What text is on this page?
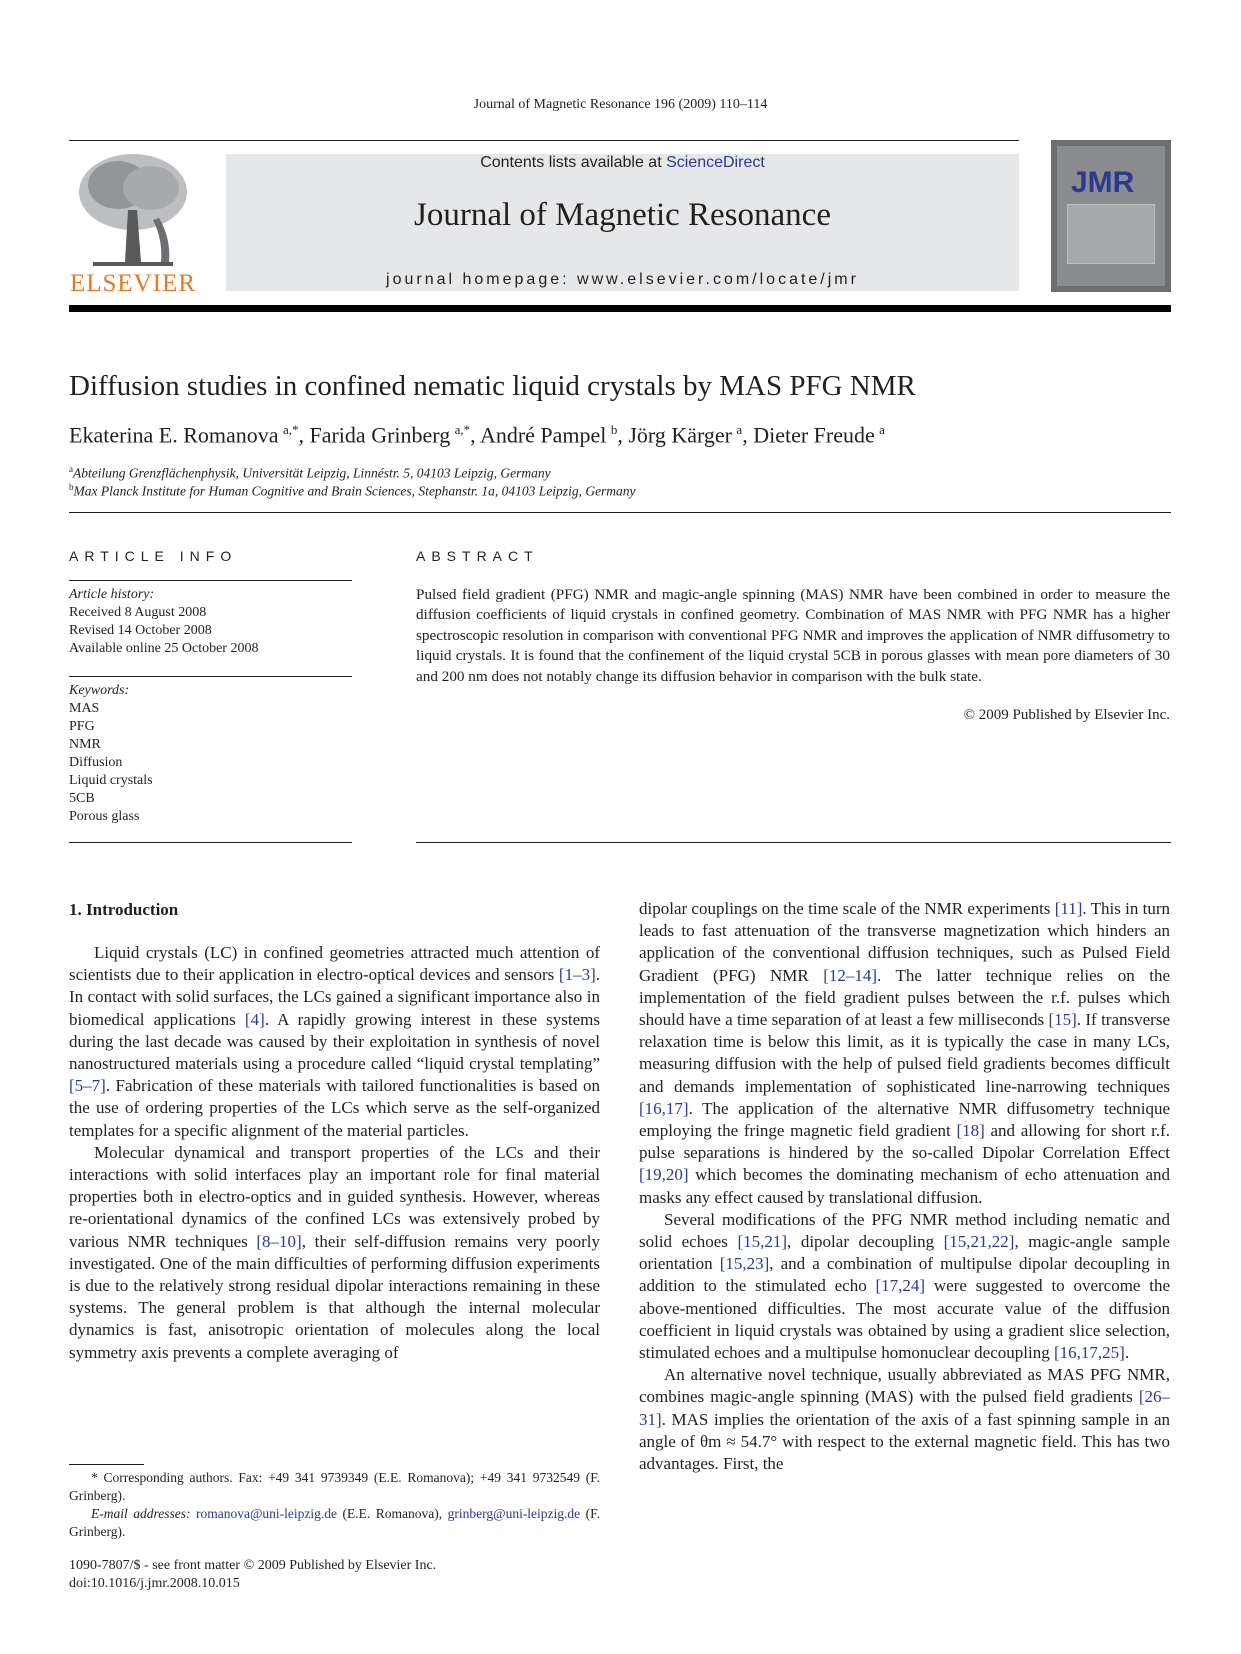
Journal of Magnetic Resonance 196 (2009) 110–114
ELSEVIER
Contents lists available at ScienceDirect
Journal of Magnetic Resonance
journal homepage: www.elsevier.com/locate/jmr
JMR
Diffusion studies in confined nematic liquid crystals by MAS PFG NMR
Ekaterina E. Romanova  $^{a,*}$, Farida Grinberg  $^{a,*}$, André Pampel  $^b$, Jörg Kärger  $^a$, Dieter Freude  $^a$
$^a$Abteilung Grenzflächenphysik, Universität Leipzig, Linnéstr. 5, 04103 Leipzig, Germany
$^b$Max Planck Institute for Human Cognitive and Brain Sciences, Stephanstr. 1a, 04103 Leipzig, Germany
ARTICLE INFO
Article history:
Received 8 August 2008
Revised 14 October 2008
Available online 25 October 2008
Keywords:
MAS
PFG
NMR
Diffusion
Liquid crystals
5CB
Porous glass
ABSTRACT
Pulsed field gradient (PFG) NMR and magic-angle spinning (MAS) NMR have been combined in order to measure the diffusion coefficients of liquid crystals in confined geometry. Combination of MAS NMR with PFG NMR has a higher spectroscopic resolution in comparison with conventional PFG NMR and improves the application of NMR diffusometry to liquid crystals. It is found that the confinement of the liquid crystal 5CB in porous glasses with mean pore diameters of 30 and 200 nm does not notably change its diffusion behavior in comparison with the bulk state.
© 2009 Published by Elsevier Inc.
1. Introduction

Liquid crystals (LC) in confined geometries attracted much attention of scientists due to their application in electro-optical devices and sensors [1–3]. In contact with solid surfaces, the LCs gained a significant importance also in biomedical applications [4]. A rapidly growing interest in these systems during the last decade was caused by their exploitation in synthesis of novel nanostructured materials using a procedure called “liquid crystal templating” [5–7]. Fabrication of these materials with tailored functionalities is based on the use of ordering properties of the LCs which serve as the self-organized templates for a specific alignment of the material particles.

Molecular dynamical and transport properties of the LCs and their interactions with solid interfaces play an important role for final material properties both in electro-optics and in guided synthesis. However, whereas re-orientational dynamics of the confined LCs was extensively probed by various NMR techniques [8–10], their self-diffusion remains very poorly investigated. One of the main difficulties of performing diffusion experiments is due to the relatively strong residual dipolar interactions remaining in these systems. The general problem is that although the internal molecular dynamics is fast, anisotropic orientation of molecules along the local symmetry axis prevents a complete averaging of

dipolar couplings on the time scale of the NMR experiments [11]. This in turn leads to fast attenuation of the transverse magnetization which hinders an application of the conventional diffusion techniques, such as Pulsed Field Gradient (PFG) NMR [12–14]. The latter technique relies on the implementation of the field gradient pulses between the r.f. pulses which should have a time separation of at least a few milliseconds [15]. If transverse relaxation time is below this limit, as it is typically the case in many LCs, measuring diffusion with the help of pulsed field gradients becomes difficult and demands implementation of sophisticated line-narrowing techniques [16,17]. The application of the alternative NMR diffusometry technique employing the fringe magnetic field gradient [18] and allowing for short r.f. pulse separations is hindered by the so-called Dipolar Correlation Effect [19,20] which becomes the dominating mechanism of echo attenuation and masks any effect caused by translational diffusion.

Several modifications of the PFG NMR method including nematic and solid echoes [15,21], dipolar decoupling [15,21,22], magic-angle sample orientation [15,23], and a combination of multipulse dipolar decoupling in addition to the stimulated echo [17,24] were suggested to overcome the above-mentioned difficulties. The most accurate value of the diffusion coefficient in liquid crystals was obtained by using a gradient slice selection, stimulated echoes and a multipulse homonuclear decoupling [16,17,25].

An alternative novel technique, usually abbreviated as MAS PFG NMR, combines magic-angle spinning (MAS) with the pulsed field gradients [26–31]. MAS implies the orientation of the axis of a fast spinning sample in an angle of θm ≈ 54.7° with respect to the external magnetic field. This has two advantages. First, the

* Corresponding authors. Fax: +49 341 9739349 (E.E. Romanova); +49 341 9732549 (F. Grinberg).
E-mail addresses: romanova@uni-leipzig.de (E.E. Romanova), grinberg@uni-leipzig.de (F. Grinberg).
1090-7807/$ - see front matter © 2009 Published by Elsevier Inc.
doi:10.1016/j.jmr.2008.10.015
